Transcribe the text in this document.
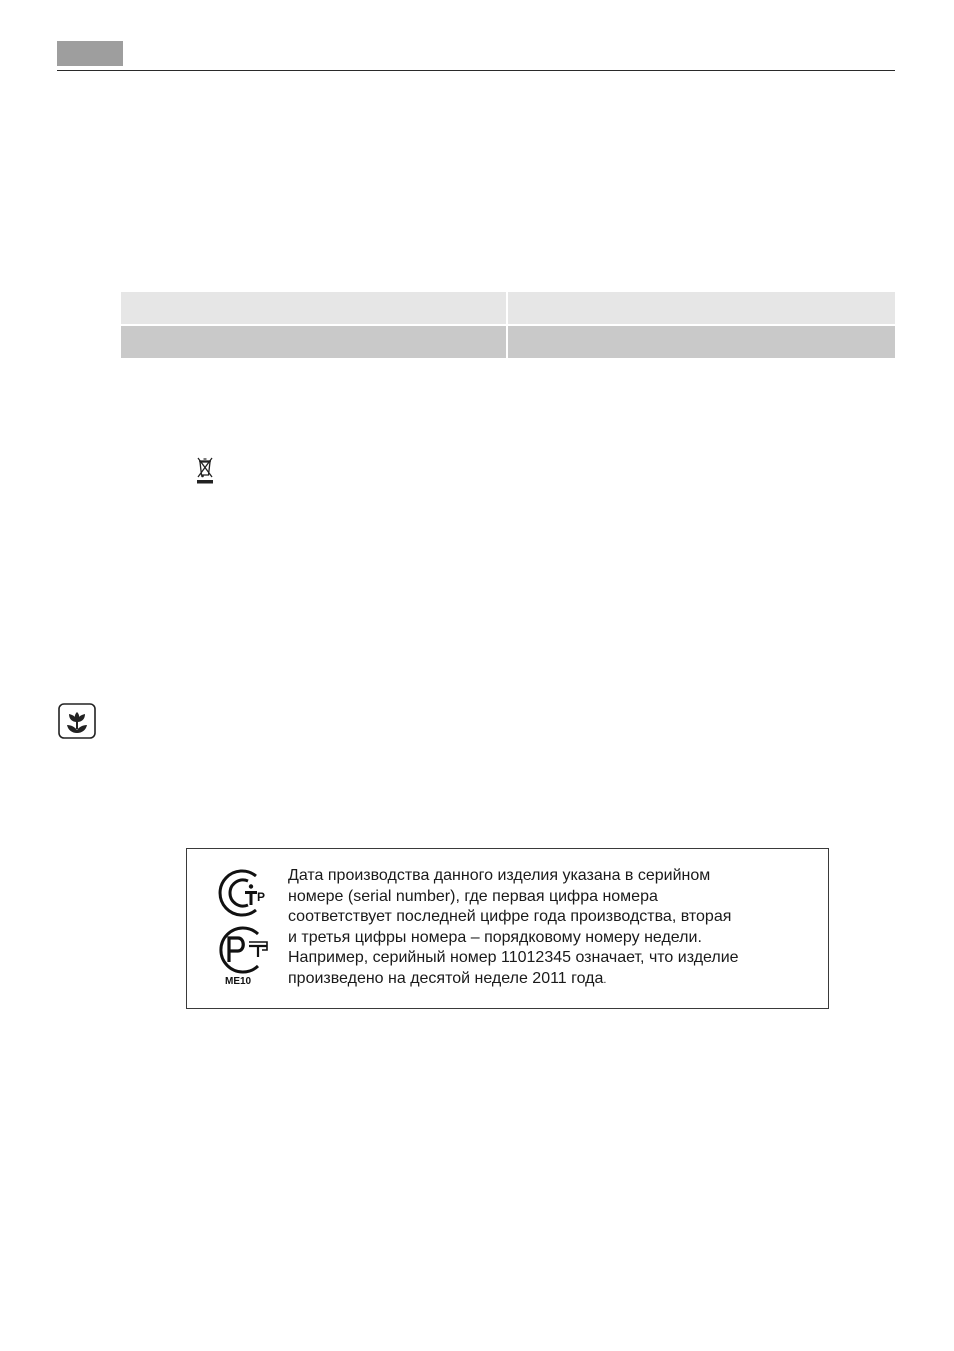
P
ME10
Дата производства данного изделия указана в серийном
номере (serial number), где первая цифра номера
соответствует последней цифре года производства, вторая
и третья цифры номера – порядковому номеру недели.
Например, серийный номер 11012345 означает, что изделие
произведено на десятой неделе 2011 года.
